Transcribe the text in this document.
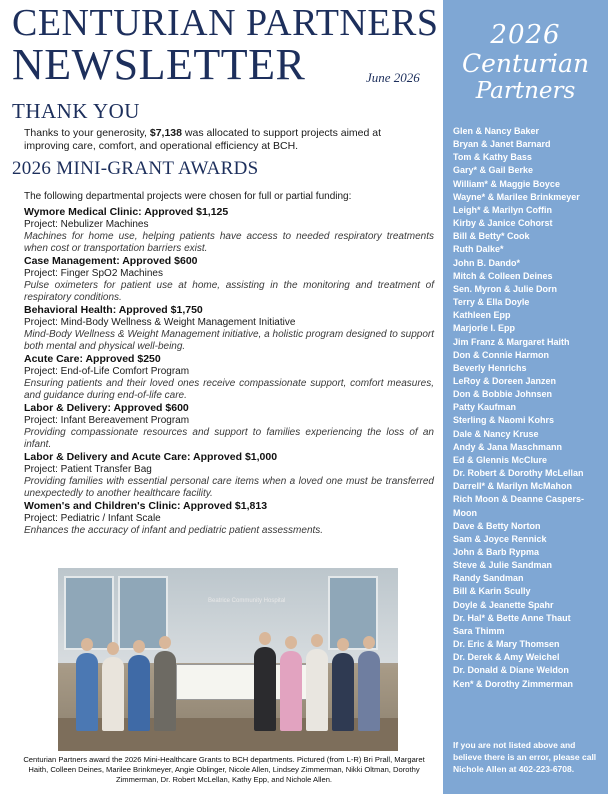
CENTURIAN PARTNERS
NEWSLETTER	June 2026
THANK YOU
Thanks to your generosity, $7,138 was allocated to support projects aimed at improving care, comfort, and operational efficiency at BCH.
2026 MINI-GRANT AWARDS
The following departmental projects were chosen for full or partial funding:
Wymore Medical Clinic: Approved $1,125
Project: Nebulizer Machines
Machines for home use, helping patients have access to needed respiratory treatments when cost or transportation barriers exist.
Case Management: Approved $600
Project: Finger SpO2 Machines
Pulse oximeters for patient use at home, assisting in the monitoring and treatment of respiratory conditions.
Behavioral Health: Approved $1,750
Project: Mind-Body Wellness & Weight Management Initiative
Mind-Body Wellness & Weight Management initiative, a holistic program designed to support both mental and physical well-being.
Acute Care: Approved $250
Project: End-of-Life Comfort Program
Ensuring patients and their loved ones receive compassionate support, comfort measures, and guidance during end-of-life care.
Labor & Delivery: Approved $600
Project: Infant Bereavement Program
Providing compassionate resources and support to families experiencing the loss of an infant.
Labor & Delivery and Acute Care: Approved $1,000
Project: Patient Transfer Bag
Providing families with essential personal care items when a loved one must be transferred unexpectedly to another healthcare facility.
Women's and Children's Clinic: Approved $1,813
Project: Pediatric / Infant Scale
Enhances the accuracy of infant and pediatric patient assessments.
Beatrice Community Hospital
Centurian Partners award the 2026 Mini-Healthcare Grants to BCH departments. Pictured (from L-R) Bri Prall, Margaret Haith, Colleen Deines, Marilee Brinkmeyer, Angie Oblinger, Nicole Allen, Lindsey Zimmerman, Nikki Oltman, Dorothy Zimmerman, Dr. Robert McLellan, Kathy Epp, and Nichole Allen.
2026
Centurian
Partners
Glen & Nancy Baker
Bryan & Janet Barnard
Tom & Kathy Bass
Gary* & Gail Berke
William* & Maggie Boyce
Wayne* & Marilee Brinkmeyer
Leigh* & Marilyn Coffin
Kirby & Janice Cohorst
Bill & Betty* Cook
Ruth Dalke*
John B. Dando*
Mitch & Colleen Deines
Sen. Myron & Julie Dorn
Terry & Ella Doyle
Kathleen Epp
Marjorie I. Epp
Jim Franz & Margaret Haith
Don & Connie Harmon
Beverly Henrichs
LeRoy & Doreen Janzen
Don & Bobbie Johnsen
Patty Kaufman
Sterling & Naomi Kohrs
Dale & Nancy Kruse
Andy & Jana Maschmann
Ed & Glennis McClure
Dr. Robert & Dorothy McLellan
Darrell* & Marilyn McMahon
Rich Moon & Deanne Caspers-Moon
Dave & Betty Norton
Sam & Joyce Rennick
John & Barb Rypma
Steve & Julie Sandman
Randy Sandman
Bill & Karin Scully
Doyle & Jeanette Spahr
Dr. Hal* & Bette Anne Thaut
Sara Thimm
Dr. Eric & Mary Thomsen
Dr. Derek & Amy Weichel
Dr. Donald & Diane Weldon
Ken* & Dorothy Zimmerman
If you are not listed above and believe there is an error, please call Nichole Allen at 402-223-6708.
